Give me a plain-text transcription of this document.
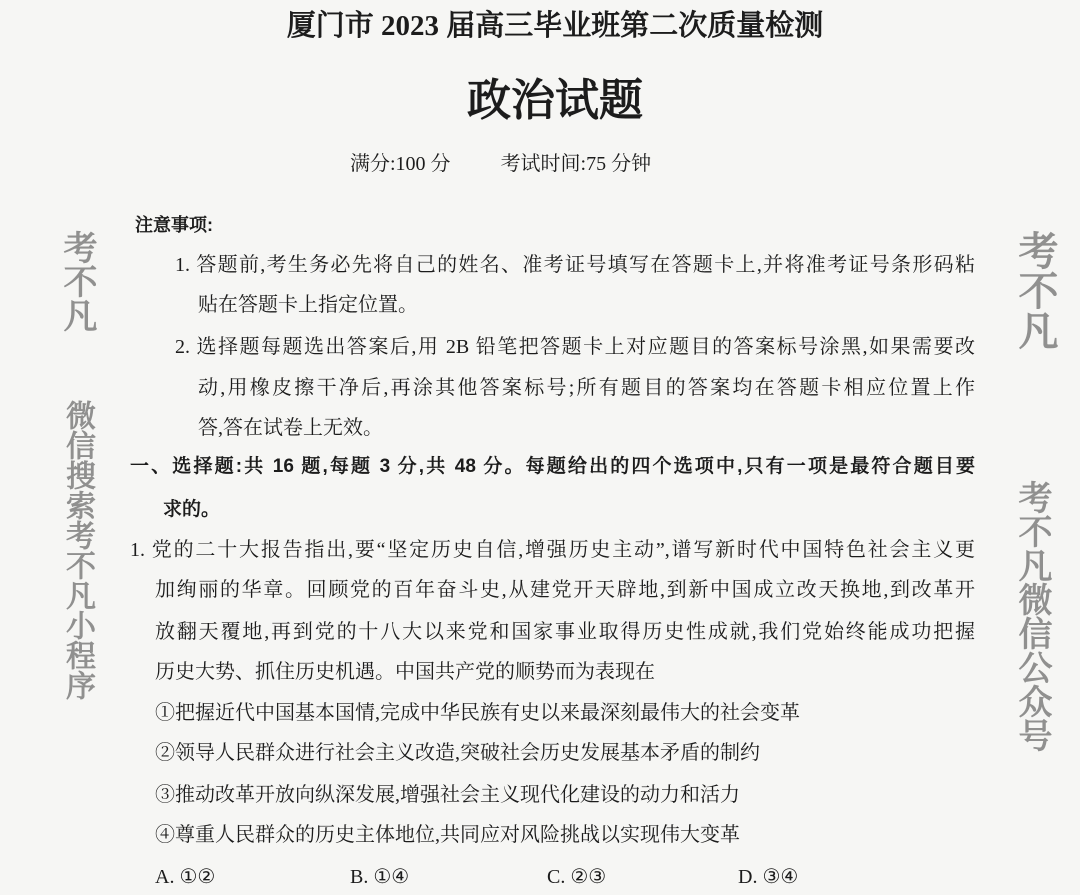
厦门市 2023 届高三毕业班第二次质量检测
政治试题
满分:100 分	考试时间:75 分钟
注意事项:
1. 答题前,考生务必先将自己的姓名、准考证号填写在答题卡上,并将准考证号条形码粘
贴在答题卡上指定位置。
2. 选择题每题选出答案后,用 2B 铅笔把答题卡上对应题目的答案标号涂黑,如果需要改
动,用橡皮擦干净后,再涂其他答案标号;所有题目的答案均在答题卡相应位置上作
答,答在试卷上无效。
一、选择题:共 16 题,每题 3 分,共 48 分。每题给出的四个选项中,只有一项是最符合题目要
求的。
1. 党的二十大报告指出,要“坚定历史自信,增强历史主动”,谱写新时代中国特色社会主义更
加绚丽的华章。回顾党的百年奋斗史,从建党开天辟地,到新中国成立改天换地,到改革开
放翻天覆地,再到党的十八大以来党和国家事业取得历史性成就,我们党始终能成功把握
历史大势、抓住历史机遇。中国共产党的顺势而为表现在
①把握近代中国基本国情,完成中华民族有史以来最深刻最伟大的社会变革
②领导人民群众进行社会主义改造,突破社会历史发展基本矛盾的制约
③推动改革开放向纵深发展,增强社会主义现代化建设的动力和活力
④尊重人民群众的历史主体地位,共同应对风险挑战以实现伟大变革
A. ①②	B. ①④	C. ②③	D. ③④
考不凡
微信搜索考不凡小程序	考不凡微信公众号
考不凡
